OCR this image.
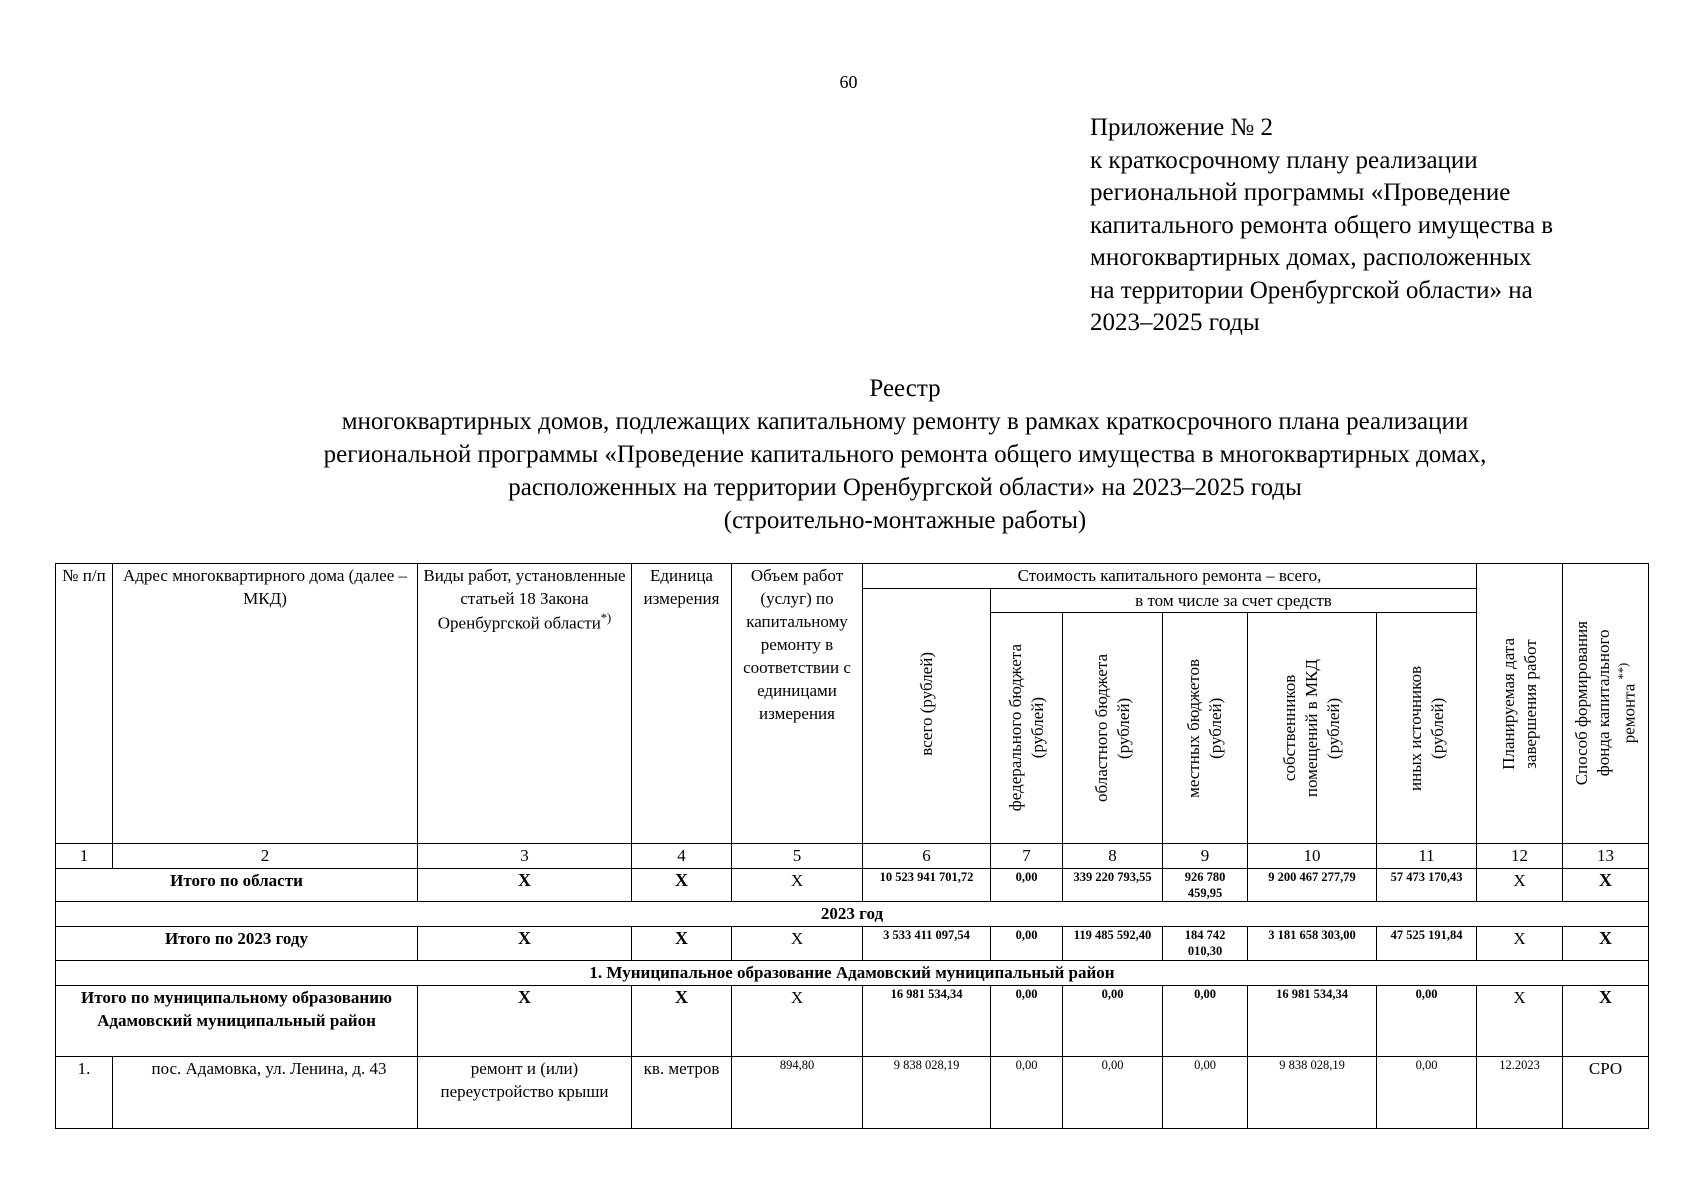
60
Приложение № 2
к краткосрочному плану реализации
региональной программы «Проведение
капитального ремонта общего имущества в
многоквартирных домах, расположенных
на территории Оренбургской области» на
2023–2025 годы
Реестр
многоквартирных домов, подлежащих капитальному ремонту в рамках краткосрочного плана реализации
региональной программы «Проведение капитального ремонта общего имущества в многоквартирных домах,
расположенных на территории Оренбургской области» на 2023–2025 годы
(строительно-монтажные работы)
№ п/п	Адрес многоквартирного дома (далее – МКД)	Виды работ, установленные статьей 18 Закона Оренбургской области*)	Единица измерения	Объем работ (услуг) по капитальному ремонту в соответствии с единицами измерения	Стоимость капитального ремонта – всего,						Планируемая дата завершения работ	Способ формирования фонда капитального ремонта **)

					всего (рублей)	в том числе за счет средств						

						федерального бюджета (рублей)	областного бюджета (рублей)	местных бюджетов (рублей)	собственников помещений в МКД (рублей)	иных источников (рублей)		

1	2	3	4	5	6	7	8	9	10	11	12	13
Итого по области		Х	Х	Х	10 523 941 701,72	0,00	339 220 793,55	926 780 459,95	9 200 467 277,79	57 473 170,43	Х	Х
2023 год												
Итого по 2023 году		Х	Х	Х	3 533 411 097,54	0,00	119 485 592,40	184 742 010,30	3 181 658 303,00	47 525 191,84	Х	Х
1. Муниципальное образование Адамовский муниципальный район												
Итого по муниципальному образованию Адамовский муниципальный район		Х	Х	Х	16 981 534,34	0,00	0,00	0,00	16 981 534,34	0,00	Х	Х
1.	пос. Адамовка, ул. Ленина, д. 43	ремонт и (или) переустройство крыши	кв. метров	894,80	9 838 028,19	0,00	0,00	0,00	9 838 028,19	0,00	12.2023	СРО
